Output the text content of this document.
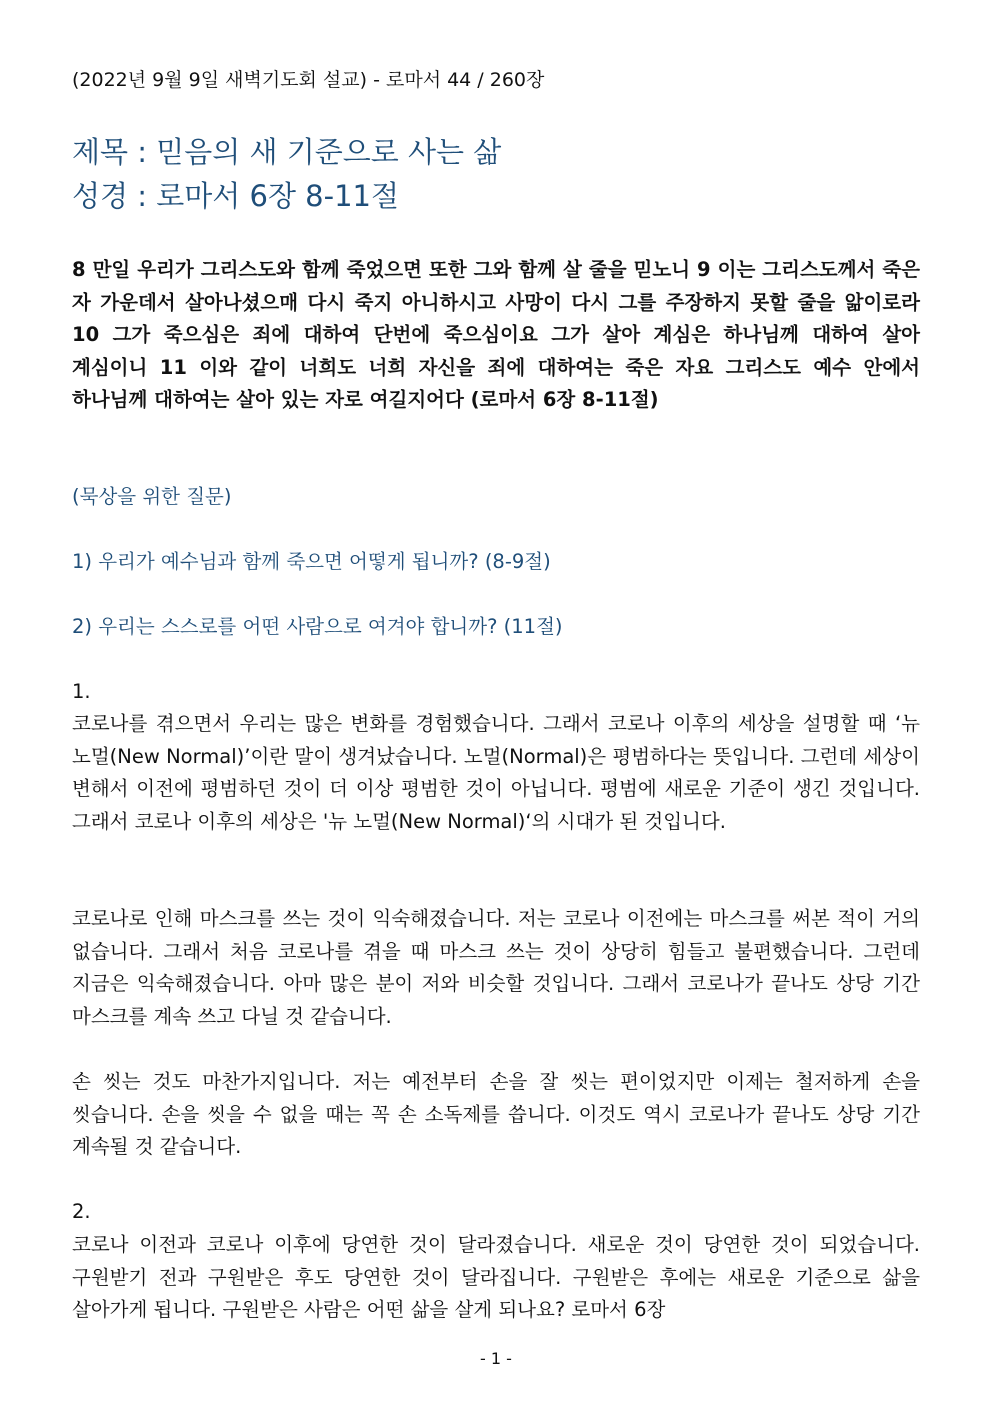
(2022년 9월 9일 새벽기도회 설교) - 로마서 44 / 260장
제목 : 믿음의 새 기준으로 사는 삶
성경 : 로마서 6장 8-11절
8 만일 우리가 그리스도와 함께 죽었으면 또한 그와 함께 살 줄을 믿노니 9 이는 그리스도께서 죽은 자 가운데서 살아나셨으매 다시 죽지 아니하시고 사망이 다시 그를 주장하지 못할 줄을 앎이로라 10 그가 죽으심은 죄에 대하여 단번에 죽으심이요 그가 살아 계심은 하나님께 대하여 살아 계심이니 11 이와 같이 너희도 너희 자신을 죄에 대하여는 죽은 자요 그리스도 예수 안에서 하나님께 대하여는 살아 있는 자로 여길지어다 (로마서 6장 8-11절)
(묵상을 위한 질문)
1) 우리가 예수님과 함께 죽으면 어떻게 됩니까? (8-9절)
2) 우리는 스스로를 어떤 사람으로 여겨야 합니까? (11절)
1.
코로나를 겪으면서 우리는 많은 변화를 경험했습니다. 그래서 코로나 이후의 세상을 설명할 때 ‘뉴 노멀(New Normal)’이란 말이 생겨났습니다. 노멀(Normal)은 평범하다는 뜻입니다. 그런데 세상이 변해서 이전에 평범하던 것이 더 이상 평범한 것이 아닙니다. 평범에 새로운 기준이 생긴 것입니다. 그래서 코로나 이후의 세상은 '뉴 노멀(New Normal)‘의 시대가 된 것입니다.
코로나로 인해 마스크를 쓰는 것이 익숙해졌습니다. 저는 코로나 이전에는 마스크를 써본 적이 거의 없습니다. 그래서 처음 코로나를 겪을 때 마스크 쓰는 것이 상당히 힘들고 불편했습니다. 그런데 지금은 익숙해졌습니다. 아마 많은 분이 저와 비슷할 것입니다. 그래서 코로나가 끝나도 상당 기간 마스크를 계속 쓰고 다닐 것 같습니다.
손 씻는 것도 마찬가지입니다. 저는 예전부터 손을 잘 씻는 편이었지만 이제는 철저하게 손을 씻습니다. 손을 씻을 수 없을 때는 꼭 손 소독제를 씁니다. 이것도 역시 코로나가 끝나도 상당 기간 계속될 것 같습니다.
2.
코로나 이전과 코로나 이후에 당연한 것이 달라졌습니다. 새로운 것이 당연한 것이 되었습니다. 구원받기 전과 구원받은 후도 당연한 것이 달라집니다. 구원받은 후에는 새로운 기준으로 삶을 살아가게 됩니다. 구원받은 사람은 어떤 삶을 살게 되나요? 로마서 6장
- 1 -
